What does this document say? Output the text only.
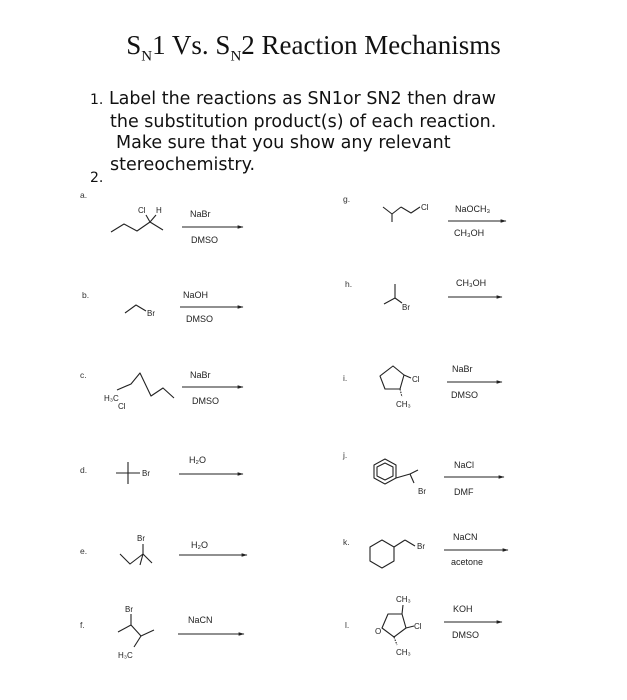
$S_N1$ Vs. $S_N2$ Reaction Mechanisms
1. Label the reactions as SN1or SN2 then draw
the substitution product(s) of each reaction.
Make sure that you show any relevant
stereochemistry.
2.
a.
Cl H	NaBr
DMSO
b.
Br
NaOH
DMSO
c.
H₃C
Cl
NaBr
DMSO
d.	Br
H₂O
e.
Br
H₂O
f.
Br
H₃C
NaCN
g.
Cl	NaOCH₃
CH₃OH
h.
Br
CH₃OH
i.	Cl
CH₃
NaBr
DMSO
j.
Br
NaCl
DMF
k.	Br
NaCN
acetone
l.
CH₃
O
Cl
CH₃
KOH
DMSO
